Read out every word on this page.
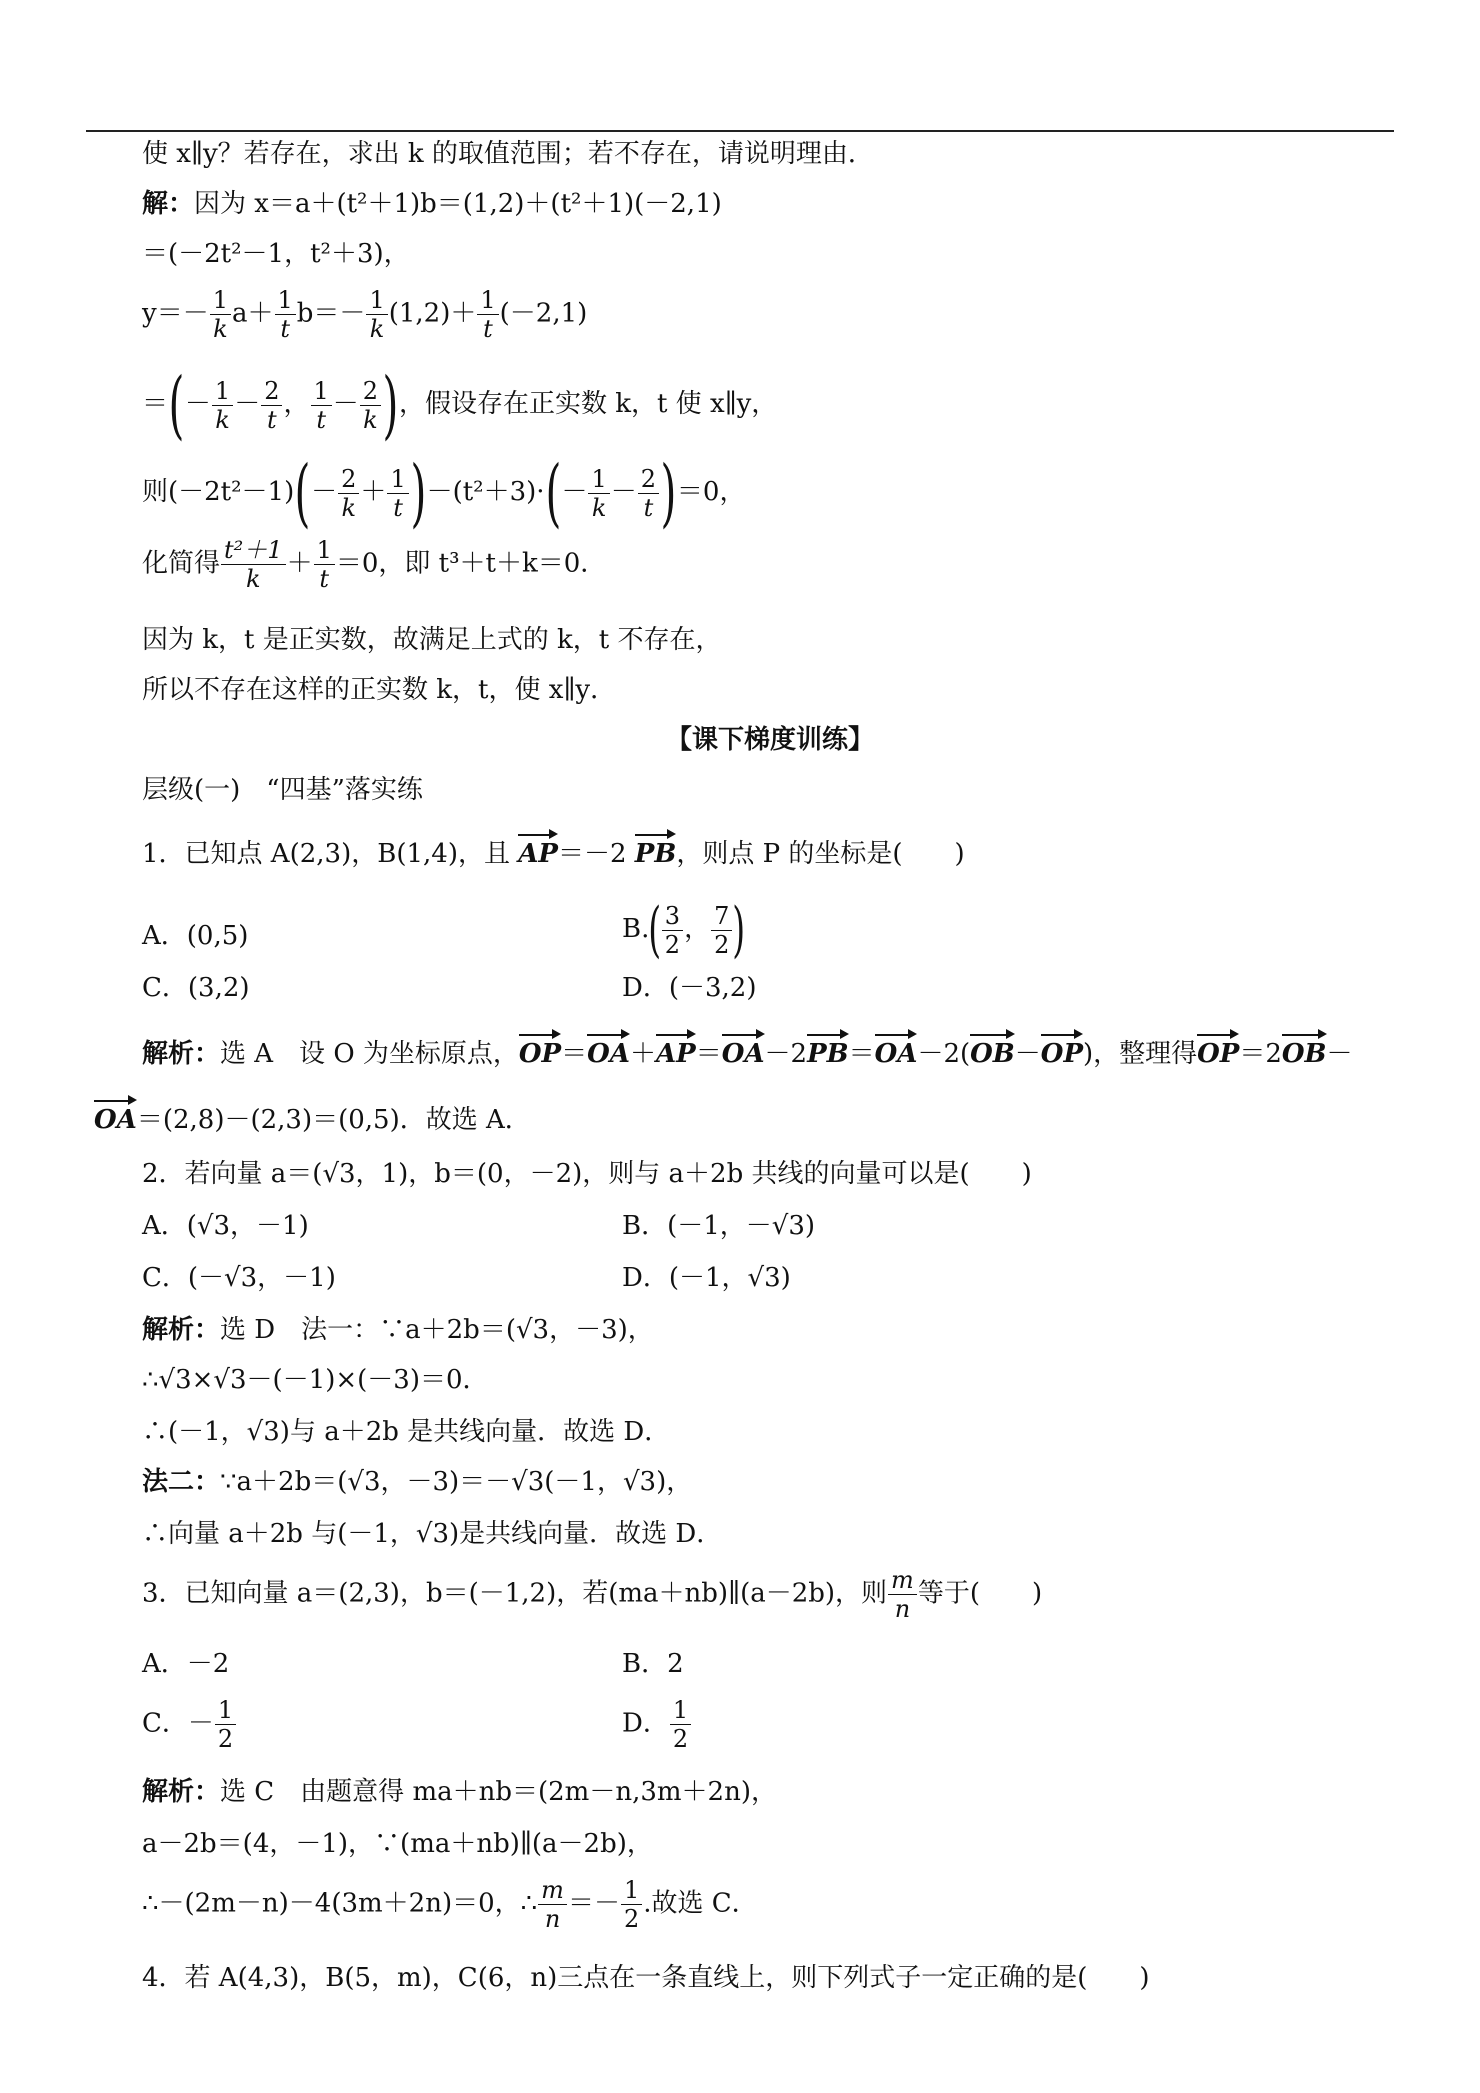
使 x∥y？若存在，求出 k 的取值范围；若不存在，请说明理由．
解：因为 x＝a＋(t²＋1)b＝(1,2)＋(t²＋1)(－2,1)
＝(－2t²－1，t²＋3)，
$y=- \frac{1}{k} a+ \frac{1}{t} b=- \frac{1}{k} (1,2)+ \frac{1}{t} (-2,1)$
＝(－ $\frac{1}{k} - \frac{2}{t}$ ， $\frac{1}{t} - \frac{2}{k}$ )，假设存在正实数 k，t 使 x∥y，
则$(-2t^2-1)(- \frac{2}{k} + \frac{1}{t} )-(t^2+3)\cdot(- \frac{1}{k} - \frac{2}{t} )=0$，
化简得 $\frac{\text{t²＋1}}{k} + \frac{1}{t} =0$，即 t³＋t＋k＝0．
因为 k，t 是正实数，故满足上式的 k，t 不存在，
所以不存在这样的正实数 k，t，使 x∥y．
【课下梯度训练】
层级(一)　“四基”落实练
1．已知点 A(2,3)，B(1,4)，且 AP＝－2 PB，则点 P 的坐标是(　　)
A．(0,5)	$B.( \frac{3}{2}$ ， $\frac{7}{2}$ )
C．(3,2)	D．(－3,2)
解析：选 A　设 O 为坐标原点，OP＝OA＋AP＝OA－2PB＝OA－2(OB－OP)，整理得OP＝2OB－
OA＝(2,8)－(2,3)＝(0,5)．故选 A．
2．若向量 a＝(√3，1)，b＝(0，－2)，则与 a＋2b 共线的向量可以是(　　)
A．(√3，－1)	B．(－1，－√3)
C．(－√3，－1)	D．(－1，√3)
解析：选 D　法一：∵a＋2b＝(√3，－3)，
∴√3×√3－(－1)×(－3)＝0．
∴(－1，√3)与 a＋2b 是共线向量．故选 D．
法二：∵a＋2b＝(√3，－3)＝－√3(－1，√3)，
∴向量 a＋2b 与(－1，√3)是共线向量．故选 D．
3．已知向量 a＝(2,3)，b＝(－1,2)，若(ma＋nb)∥(a－2b)，则 $\frac{m}{n}$ 等于(　　)
A．－2	B．2
C．－ $\frac{1}{2}$	D． $\frac{1}{2}$
解析：选 C　由题意得 ma＋nb＝(2m－n,3m＋2n)，
a－2b＝(4，－1)，∵(ma＋nb)∥(a－2b)，
∴－(2m－n)－4(3m＋2n)＝0，∴ $\frac{m}{n} =- \frac{1}{2}$ .故选 C．
4．若 A(4,3)，B(5，m)，C(6，n)三点在一条直线上，则下列式子一定正确的是(　　)
